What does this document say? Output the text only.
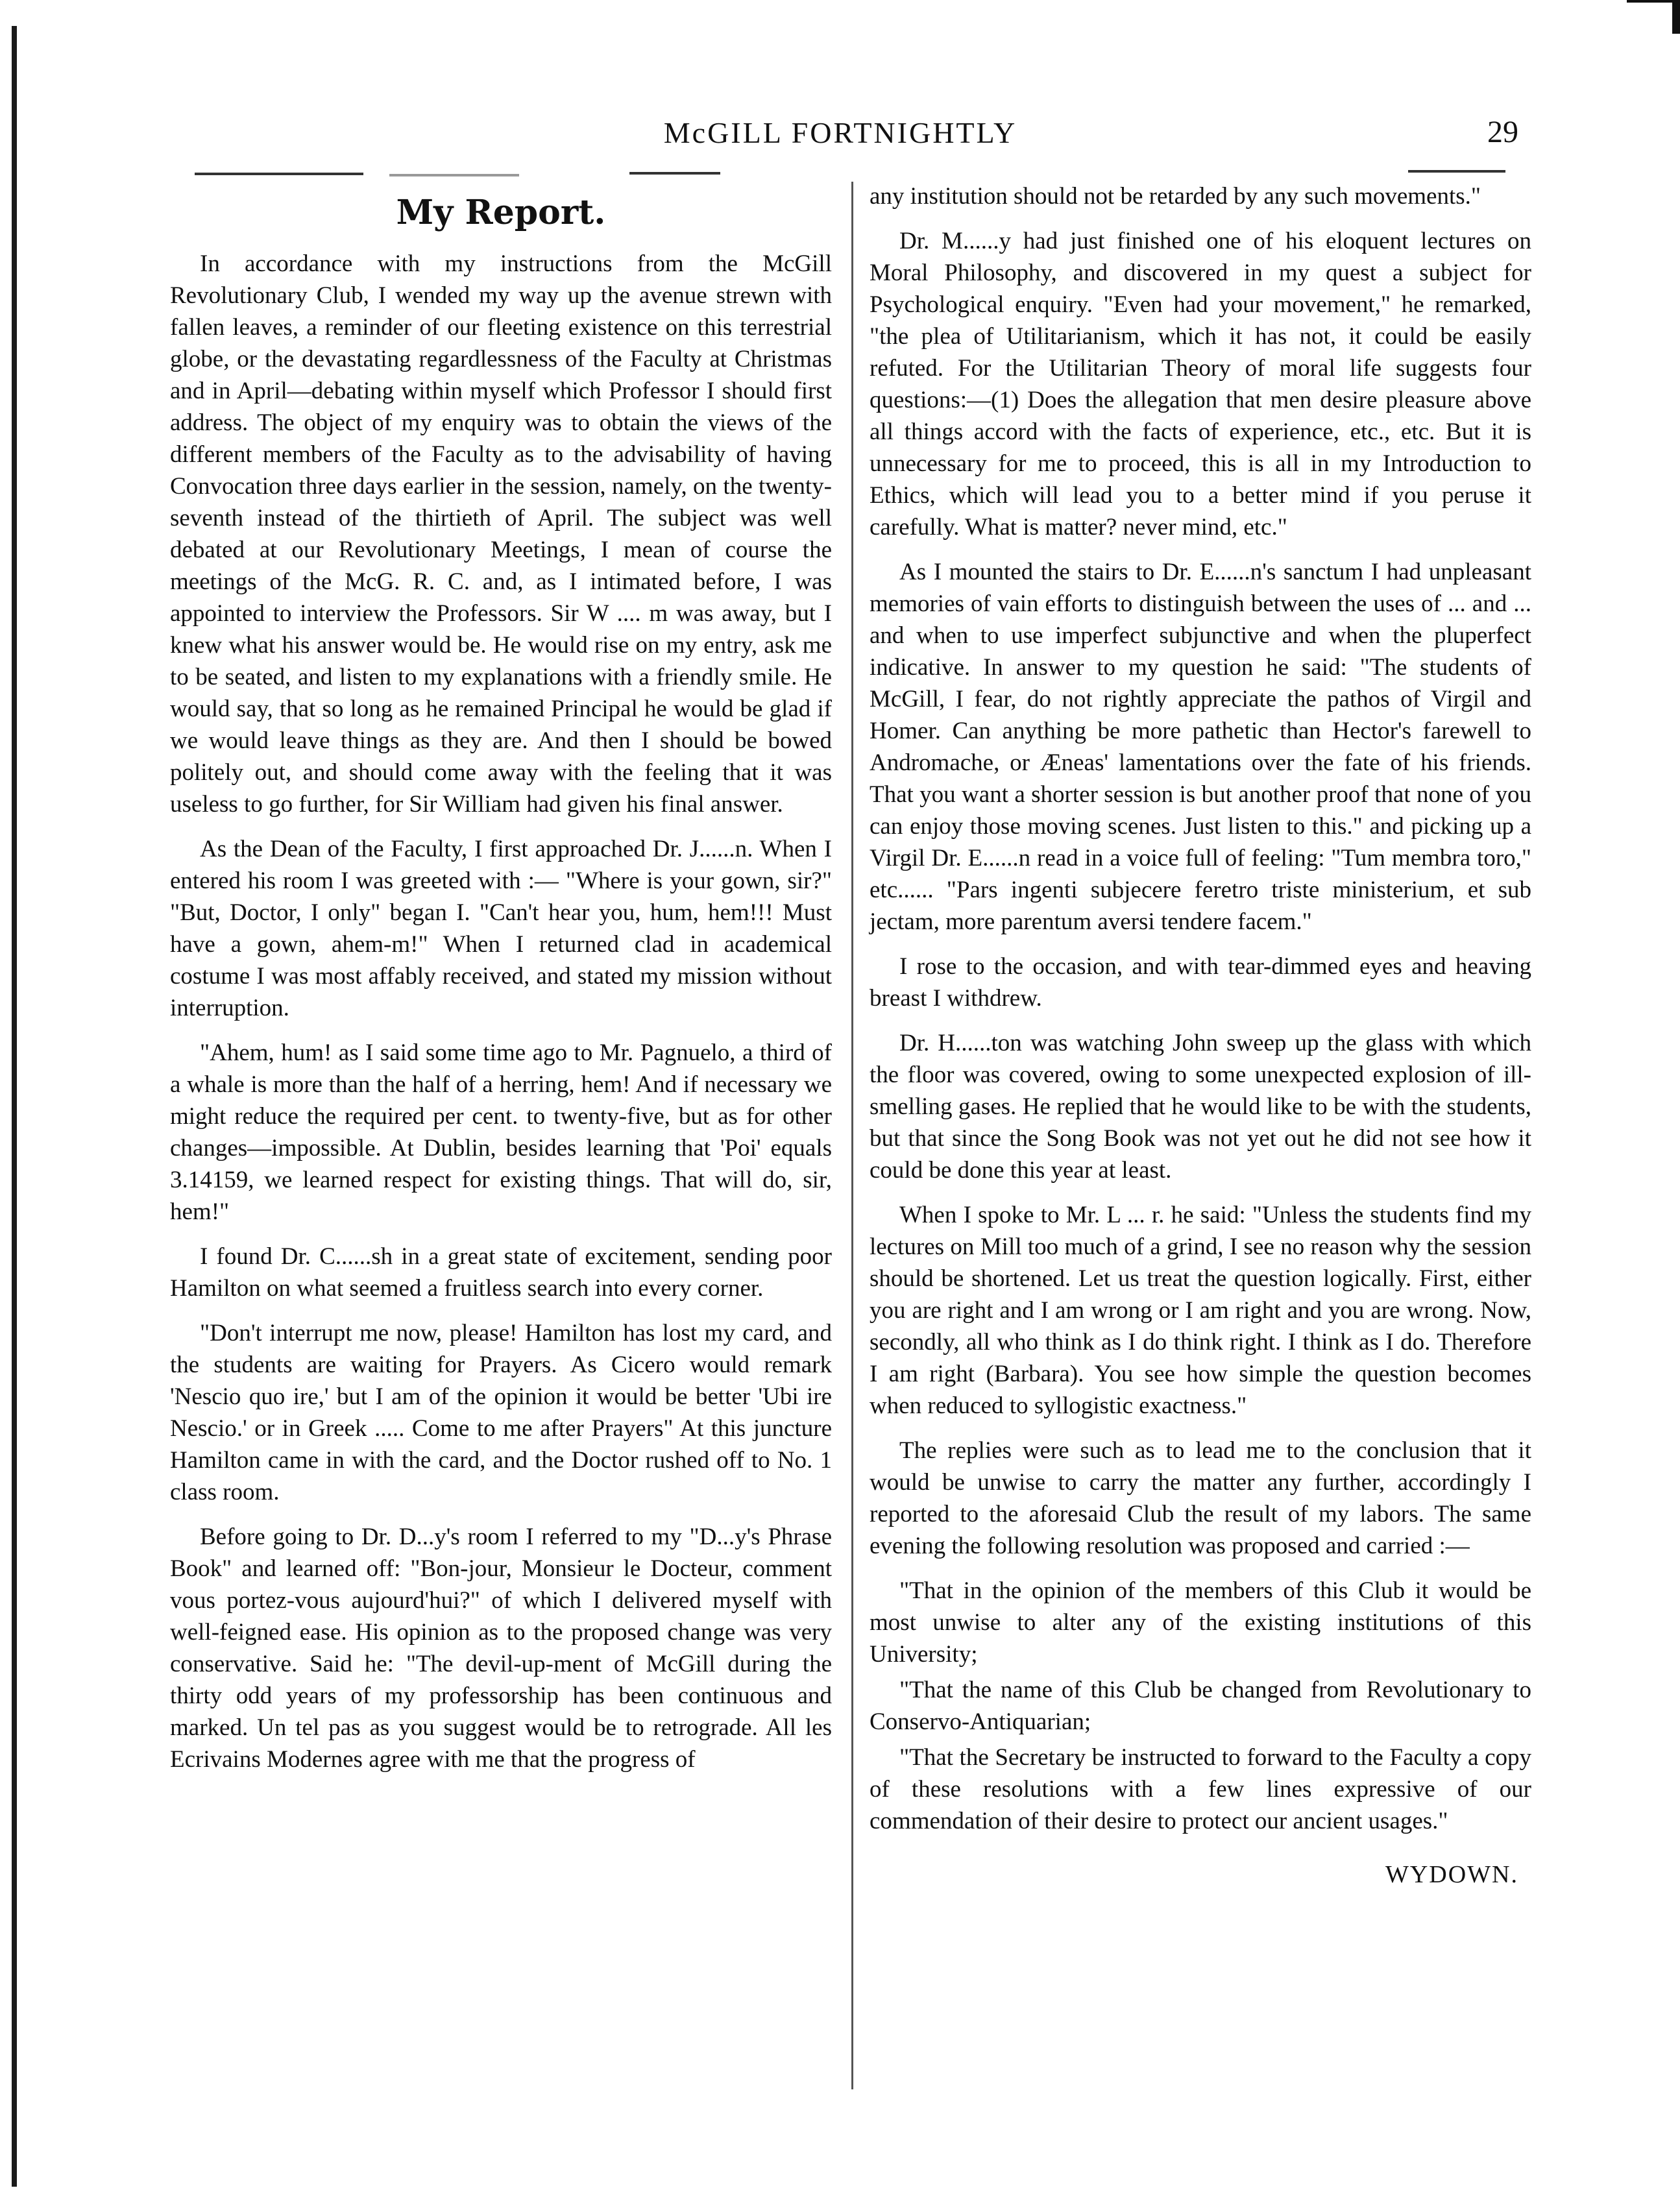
McGILL FORTNIGHTLY	29
My Report.

In accordance with my instructions from the McGill Revolutionary Club, I wended my way up the avenue strewn with fallen leaves, a reminder of our fleeting existence on this terrestrial globe, or the devastating regardlessness of the Faculty at Christmas and in April—debating within myself which Professor I should first address. The object of my enquiry was to obtain the views of the different members of the Faculty as to the advisability of having Convocation three days earlier in the session, namely, on the twenty-seventh instead of the thirtieth of April. The subject was well debated at our Revolutionary Meetings, I mean of course the meetings of the McG. R. C. and, as I intimated before, I was appointed to interview the Professors. Sir W .... m was away, but I knew what his answer would be. He would rise on my entry, ask me to be seated, and listen to my explanations with a friendly smile. He would say, that so long as he remained Principal he would be glad if we would leave things as they are. And then I should be bowed politely out, and should come away with the feeling that it was useless to go further, for Sir William had given his final answer.

As the Dean of the Faculty, I first approached Dr. J......n. When I entered his room I was greeted with :— "Where is your gown, sir?" "But, Doctor, I only" began I. "Can't hear you, hum, hem!!! Must have a gown, ahem-m!" When I returned clad in academical costume I was most affably received, and stated my mission without interruption.

"Ahem, hum! as I said some time ago to Mr. Pagnuelo, a third of a whale is more than the half of a herring, hem! And if necessary we might reduce the required per cent. to twenty-five, but as for other changes—impossible. At Dublin, besides learning that 'Poi' equals 3.14159, we learned respect for existing things. That will do, sir, hem!"

I found Dr. C......sh in a great state of excitement, sending poor Hamilton on what seemed a fruitless search into every corner.

"Don't interrupt me now, please! Hamilton has lost my card, and the students are waiting for Prayers. As Cicero would remark 'Nescio quo ire,' but I am of the opinion it would be better 'Ubi ire Nescio.' or in Greek ..... Come to me after Prayers" At this juncture Hamilton came in with the card, and the Doctor rushed off to No. 1 class room.

Before going to Dr. D...y's room I referred to my "D...y's Phrase Book" and learned off: "Bon-jour, Monsieur le Docteur, comment vous portez-vous aujourd'hui?" of which I delivered myself with well-feigned ease. His opinion as to the proposed change was very conservative. Said he: "The devil-up-ment of McGill during the thirty odd years of my professorship has been continuous and marked. Un tel pas as you suggest would be to retrograde. All les Ecrivains Modernes agree with me that the progress of

any institution should not be retarded by any such movements."

Dr. M......y had just finished one of his eloquent lectures on Moral Philosophy, and discovered in my quest a subject for Psychological enquiry. "Even had your movement," he remarked, "the plea of Utilitarianism, which it has not, it could be easily refuted. For the Utilitarian Theory of moral life suggests four questions:—(1) Does the allegation that men desire pleasure above all things accord with the facts of experience, etc., etc. But it is unnecessary for me to proceed, this is all in my Introduction to Ethics, which will lead you to a better mind if you peruse it carefully. What is matter? never mind, etc."

As I mounted the stairs to Dr. E......n's sanctum I had unpleasant memories of vain efforts to distinguish between the uses of ... and ... and when to use imperfect subjunctive and when the pluperfect indicative. In answer to my question he said: "The students of McGill, I fear, do not rightly appreciate the pathos of Virgil and Homer. Can anything be more pathetic than Hector's farewell to Andromache, or Æneas' lamentations over the fate of his friends. That you want a shorter session is but another proof that none of you can enjoy those moving scenes. Just listen to this." and picking up a Virgil Dr. E......n read in a voice full of feeling: "Tum membra toro," etc...... "Pars ingenti subjecere feretro triste ministerium, et sub jectam, more parentum aversi tendere facem."

I rose to the occasion, and with tear-dimmed eyes and heaving breast I withdrew.

Dr. H......ton was watching John sweep up the glass with which the floor was covered, owing to some unexpected explosion of ill-smelling gases. He replied that he would like to be with the students, but that since the Song Book was not yet out he did not see how it could be done this year at least.

When I spoke to Mr. L ... r. he said: "Unless the students find my lectures on Mill too much of a grind, I see no reason why the session should be shortened. Let us treat the question logically. First, either you are right and I am wrong or I am right and you are wrong. Now, secondly, all who think as I do think right. I think as I do. Therefore I am right (Barbara). You see how simple the question becomes when reduced to syllogistic exactness."

The replies were such as to lead me to the conclusion that it would be unwise to carry the matter any further, accordingly I reported to the aforesaid Club the result of my labors. The same evening the following resolution was proposed and carried :—

"That in the opinion of the members of this Club it would be most unwise to alter any of the existing institutions of this University;

"That the name of this Club be changed from Revolutionary to Conservo-Antiquarian;

"That the Secretary be instructed to forward to the Faculty a copy of these resolutions with a few lines expressive of our commendation of their desire to protect our ancient usages."

WYDOWN.
